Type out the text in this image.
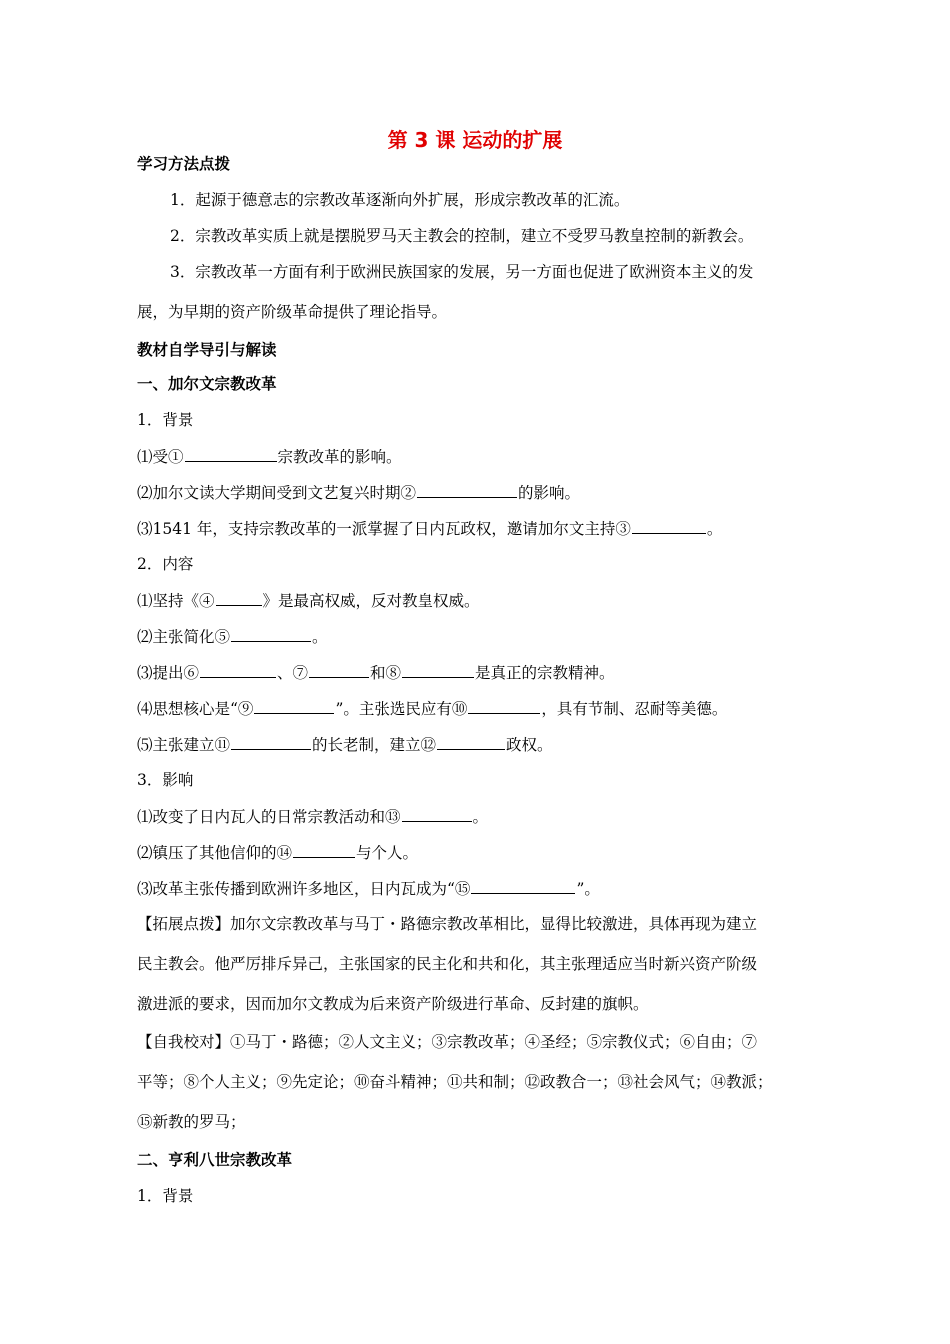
第 3 课 运动的扩展
学习方法点拨
1．起源于德意志的宗教改革逐渐向外扩展，形成宗教改革的汇流。
2．宗教改革实质上就是摆脱罗马天主教会的控制，建立不受罗马教皇控制的新教会。
3．宗教改革一方面有利于欧洲民族国家的发展，另一方面也促进了欧洲资本主义的发
展，为早期的资产阶级革命提供了理论指导。
教材自学导引与解读
一、加尔文宗教改革
1．背景
⑴受①	宗教改革的影响。
⑵加尔文读大学期间受到文艺复兴时期②	的影响。
⑶1541 年，支持宗教改革的一派掌握了日内瓦政权，邀请加尔文主持③	。
2．内容
⑴坚持《④	》是最高权威，反对教皇权威。
⑵主张简化⑤	。
⑶提出⑥	、⑦	和⑧	是真正的宗教精神。
⑷思想核心是“⑨	”。主张选民应有⑩	，具有节制、忍耐等美德。
⑸主张建立⑪	的长老制，建立⑫	政权。
3．影响
⑴改变了日内瓦人的日常宗教活动和⑬	。
⑵镇压了其他信仰的⑭	与个人。
⑶改革主张传播到欧洲许多地区，日内瓦成为“⑮	”。
【拓展点拨】加尔文宗教改革与马丁・路德宗教改革相比，显得比较激进，具体再现为建立
民主教会。他严厉排斥异己，主张国家的民主化和共和化，其主张理适应当时新兴资产阶级
激进派的要求，因而加尔文教成为后来资产阶级进行革命、反封建的旗帜。
【自我校对】①马丁・路德；②人文主义；③宗教改革；④圣经；⑤宗教仪式；⑥自由；⑦
平等；⑧个人主义；⑨先定论；⑩奋斗精神；⑪共和制；⑫政教合一；⑬社会风气；⑭教派；
⑮新教的罗马；
二、亨利八世宗教改革
1．背景
